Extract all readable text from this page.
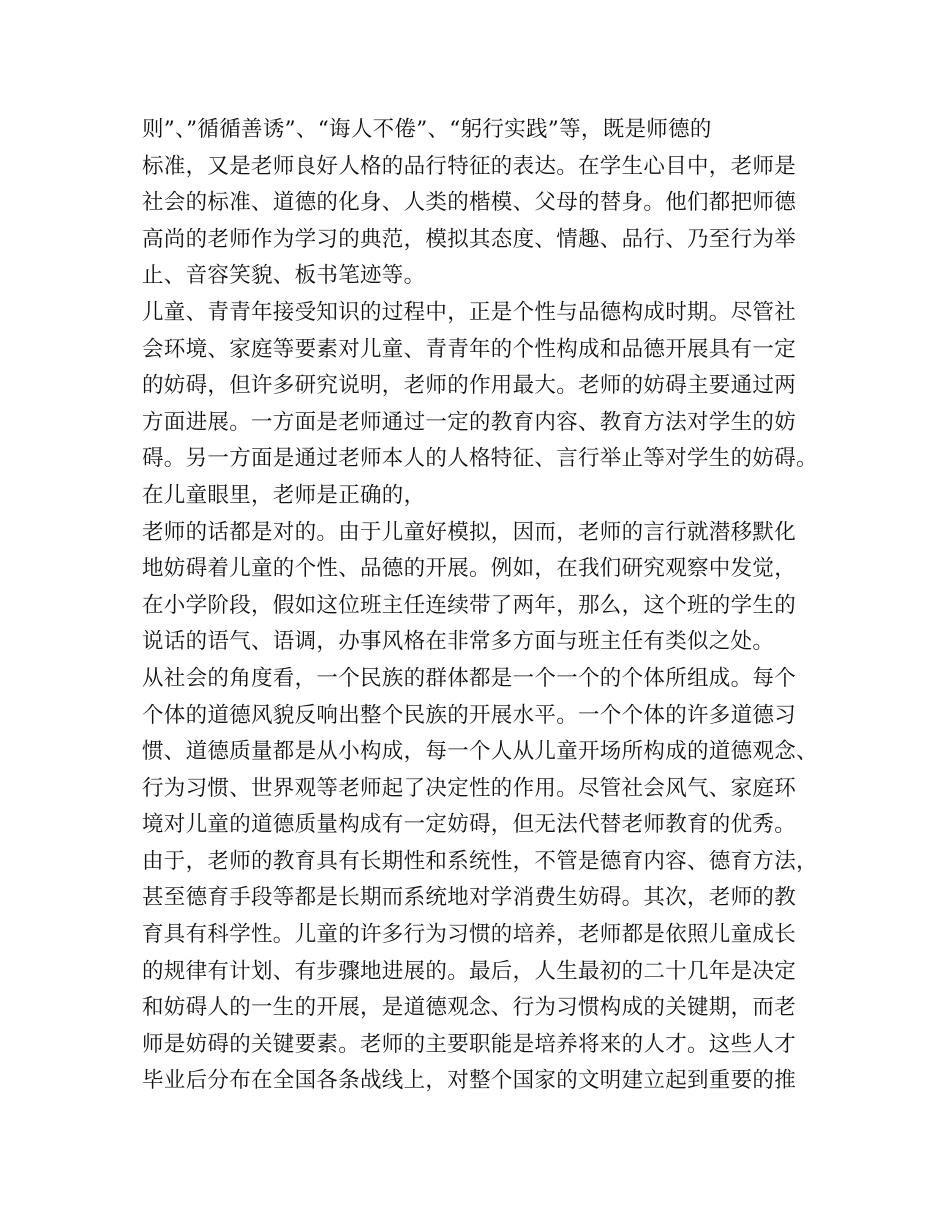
则”、”循循善诱”、“诲人不倦”、“躬行实践”等，既是师德的
标准，又是老师良好人格的品行特征的表达。在学生心目中，老师是
社会的标准、道德的化身、人类的楷模、父母的替身。他们都把师德
高尚的老师作为学习的典范，模拟其态度、情趣、品行、乃至行为举
止、音容笑貌、板书笔迹等。
儿童、青青年接受知识的过程中，正是个性与品德构成时期。尽管社
会环境、家庭等要素对儿童、青青年的个性构成和品德开展具有一定
的妨碍，但许多研究说明，老师的作用最大。老师的妨碍主要通过两
方面进展。一方面是老师通过一定的教育内容、教育方法对学生的妨
碍。另一方面是通过老师本人的人格特征、言行举止等对学生的妨碍。
在儿童眼里，老师是正确的，
老师的话都是对的。由于儿童好模拟，因而，老师的言行就潜移默化
地妨碍着儿童的个性、品德的开展。例如，在我们研究观察中发觉，
在小学阶段，假如这位班主任连续带了两年，那么，这个班的学生的
说话的语气、语调，办事风格在非常多方面与班主任有类似之处。
从社会的角度看，一个民族的群体都是一个一个的个体所组成。每个
个体的道德风貌反响出整个民族的开展水平。一个个体的许多道德习
惯、道德质量都是从小构成，每一个人从儿童开场所构成的道德观念、
行为习惯、世界观等老师起了决定性的作用。尽管社会风气、家庭环
境对儿童的道德质量构成有一定妨碍，但无法代替老师教育的优秀。
由于，老师的教育具有长期性和系统性，不管是德育内容、德育方法，
甚至德育手段等都是长期而系统地对学消费生妨碍。其次，老师的教
育具有科学性。儿童的许多行为习惯的培养，老师都是依照儿童成长
的规律有计划、有步骤地进展的。最后，人生最初的二十几年是决定
和妨碍人的一生的开展，是道德观念、行为习惯构成的关键期，而老
师是妨碍的关键要素。老师的主要职能是培养将来的人才。这些人才
毕业后分布在全国各条战线上，对整个国家的文明建立起到重要的推
